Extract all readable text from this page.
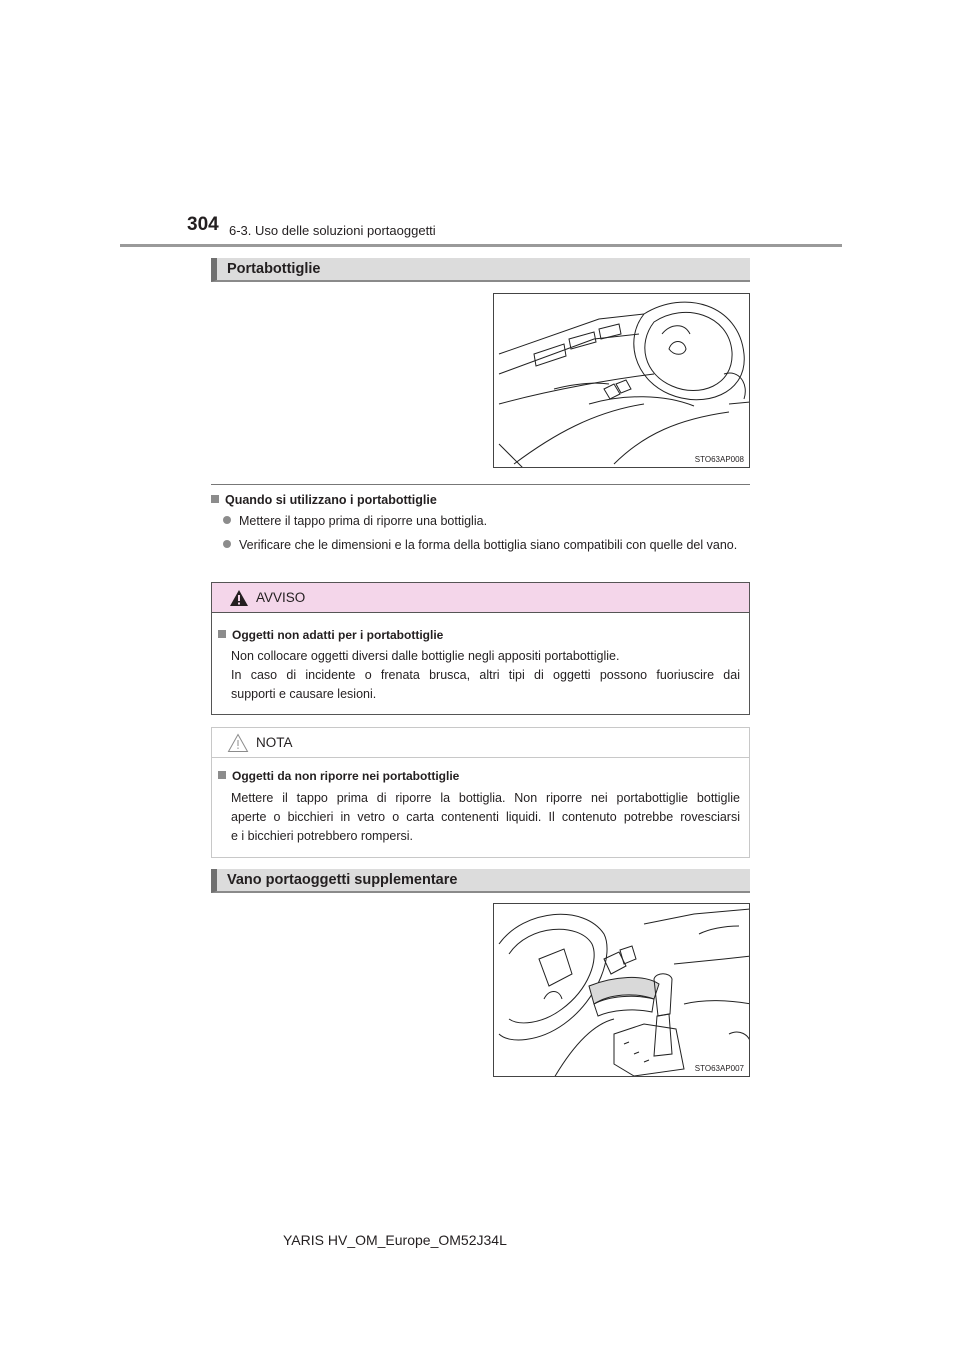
304 6-3. Uso delle soluzioni portaoggetti
Portabottiglie
STO63AP008
Quando si utilizzano i portabottiglie
Mettere il tappo prima di riporre una bottiglia.
Verificare che le dimensioni e la forma della bottiglia siano compatibili con quelle del vano.
AVVISO
Oggetti non adatti per i portabottiglie
Non collocare oggetti diversi dalle bottiglie negli appositi portabottiglie.
In caso di incidente o frenata brusca, altri tipi di oggetti possono fuoriuscire dai
supporti e causare lesioni.
NOTA
Oggetti da non riporre nei portabottiglie
Mettere il tappo prima di riporre la bottiglia. Non riporre nei portabottiglie bottiglie
aperte o bicchieri in vetro o carta contenenti liquidi. Il contenuto potrebbe rovesciarsi
e i bicchieri potrebbero rompersi.
Vano portaoggetti supplementare
STO63AP007
YARIS HV_OM_Europe_OM52J34L
